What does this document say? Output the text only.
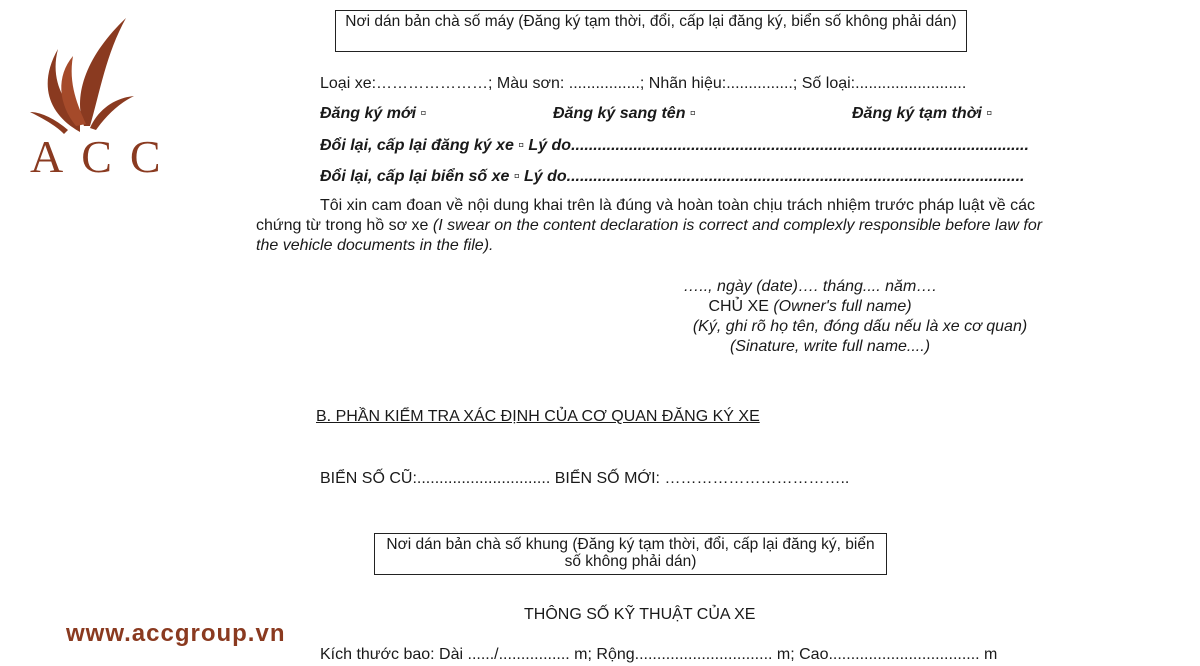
ACC
www.accgroup.vn
Nơi dán bản chà số máy (Đăng ký tạm thời, đổi, cấp lại đăng ký, biển số không phải dán)
Loại xe:…………………; Màu sơn: ................; Nhãn hiệu:...............; Số loại:.........................
Đăng ký mới ▫	Đăng ký sang tên ▫	Đăng ký tạm thời ▫
Đổi lại, cấp lại đăng ký xe ▫ Lý do.......................................................................................................
Đổi lại, cấp lại biển số xe ▫ Lý do.......................................................................................................
Tôi xin cam đoan về nội dung khai trên là đúng và hoàn toàn chịu trách nhiệm trước pháp luật về các chứng từ trong hồ sơ xe (I swear on the content declaration is correct and complexly responsible before law for the vehicle documents in the file).
….., ngày (date)…. tháng.... năm….
CHỦ XE (Owner's full name)
(Ký, ghi rõ họ tên, đóng dấu nếu là xe cơ quan)
(Sinature, write full name....)
B. PHẦN KIỂM TRA XÁC ĐỊNH CỦA CƠ QUAN ĐĂNG KÝ XE
BIỂN SỐ CŨ:.............................. BIỂN SỐ MỚI: ……………………………..
Nơi dán bản chà số khung (Đăng ký tạm thời, đổi, cấp lại đăng ký, biển số không phải dán)
THÔNG SỐ KỸ THUẬT CỦA XE
Kích thước bao: Dài ....../................ m; Rộng............................... m; Cao.................................. m
